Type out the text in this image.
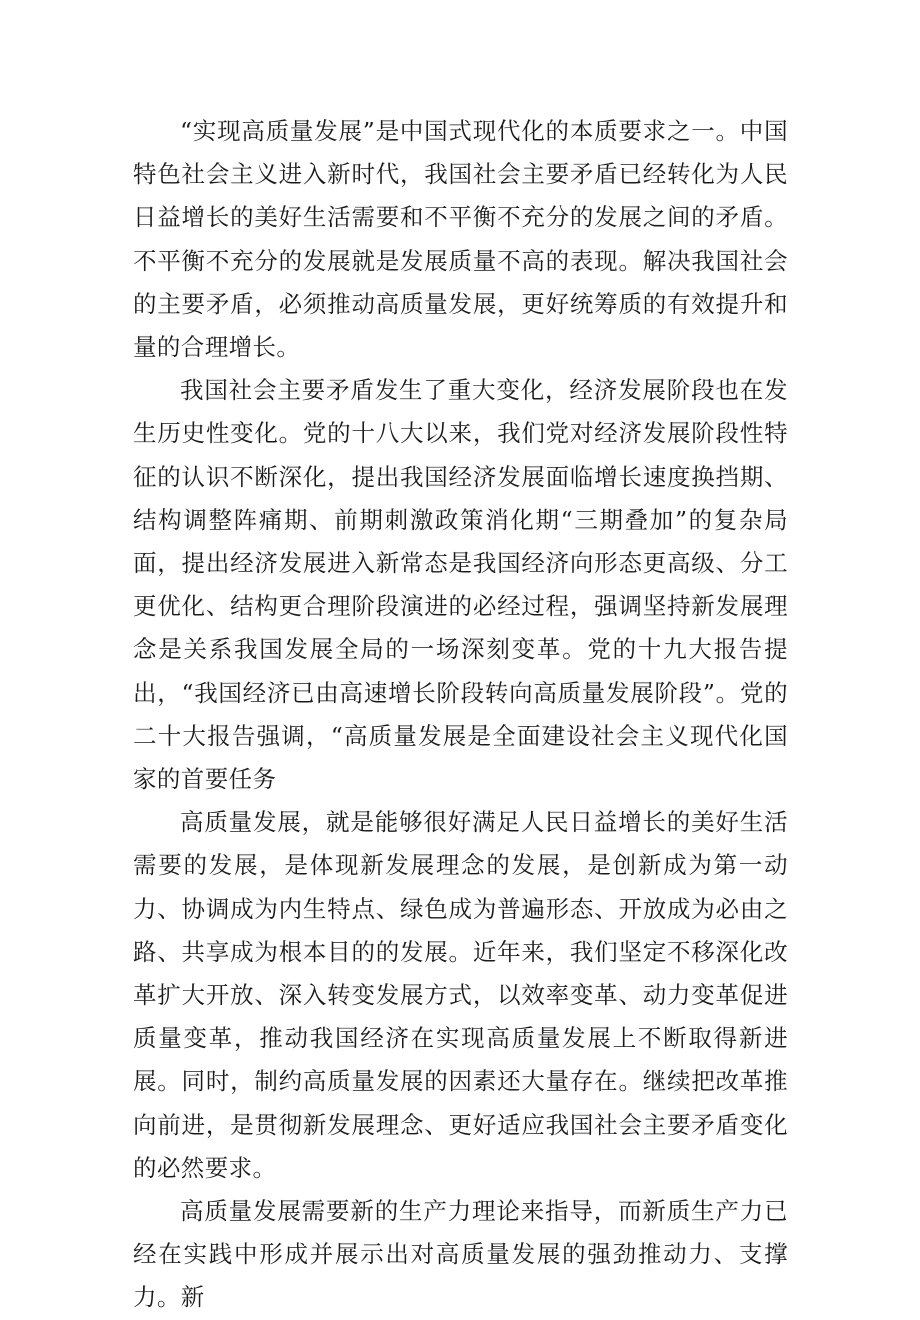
“实现高质量发展”是中国式现代化的本质要求之一。中国特色社会主义进入新时代，我国社会主要矛盾已经转化为人民日益增长的美好生活需要和不平衡不充分的发展之间的矛盾。不平衡不充分的发展就是发展质量不高的表现。解决我国社会的主要矛盾，必须推动高质量发展，更好统筹质的有效提升和量的合理增长。

我国社会主要矛盾发生了重大变化，经济发展阶段也在发生历史性变化。党的十八大以来，我们党对经济发展阶段性特征的认识不断深化，提出我国经济发展面临增长速度换挡期、结构调整阵痛期、前期刺激政策消化期“三期叠加”的复杂局面，提出经济发展进入新常态是我国经济向形态更高级、分工更优化、结构更合理阶段演进的必经过程，强调坚持新发展理念是关系我国发展全局的一场深刻变革。党的十九大报告提出，“我国经济已由高速增长阶段转向高质量发展阶段”。党的二十大报告强调，“高质量发展是全面建设社会主义现代化国家的首要任务

高质量发展，就是能够很好满足人民日益增长的美好生活需要的发展，是体现新发展理念的发展，是创新成为第一动力、协调成为内生特点、绿色成为普遍形态、开放成为必由之路、共享成为根本目的的发展。近年来，我们坚定不移深化改革扩大开放、深入转变发展方式，以效率变革、动力变革促进质量变革，推动我国经济在实现高质量发展上不断取得新进展。同时，制约高质量发展的因素还大量存在。继续把改革推向前进，是贯彻新发展理念、更好适应我国社会主要矛盾变化的必然要求。

高质量发展需要新的生产力理论来指导，而新质生产力已经在实践中形成并展示出对高质量发展的强劲推动力、支撑力。新
